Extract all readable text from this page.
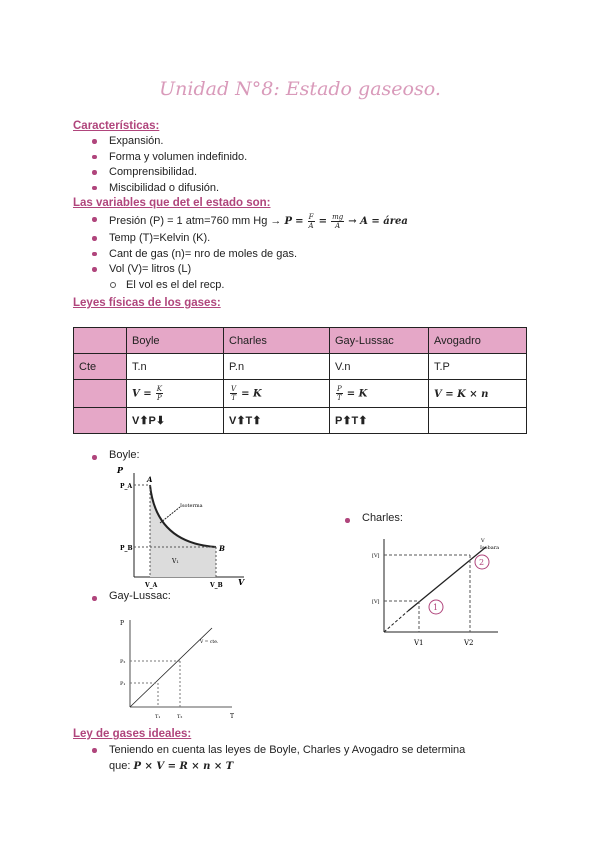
Unidad N°8: Estado gaseoso.
Características:
Expansión.
Forma y volumen indefinido.
Comprensibilidad.
Miscibilidad o difusión.
Las variables que det el estado son:
Presión (P) = 1 atm=760 mm $Hg \to P = \frac{F}{A} = \frac{mg}{A} \to A$ = área
Temp (T)=Kelvin (K).
Cant de gas (n)= nro de moles de gas.
Vol (V)= litros (L)
El vol es el del recp.
Leyes físicas de los gases:
	Boyle	Charles	Gay-Lussac	Avogadro
Cte	T.n	P.n	V.n	T.P
	$V = \frac{K}{P}$	$\frac{V}{T} = K$	$\frac{P}{T} = K$	V = K × n
	V⬆P⬇	V⬆T⬆	P⬆T⬆	
Boyle:
P
V
P_A
P_B
V_A	V_B
A
B
Isoterma
V₁
Charles:
1
2
V
Isobara
[V]
[V]
V1	V2
Gay-Lussac:
P
T
P₂
P₁
T₁	T₂
V = cte.
Ley de gases ideales:
Teniendo en cuenta las leyes de Boyle, Charles y Avogadro se determina
que: P × V = R × n × T
